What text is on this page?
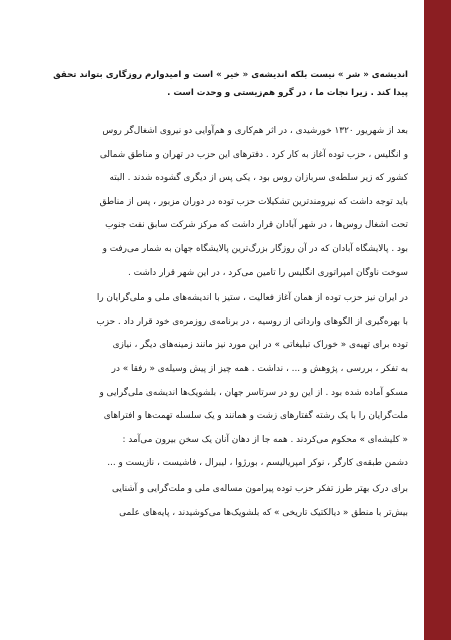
اندیشه‌ی « شر » نیست بلکه اندیشه‌ی « خیر » است و امیدوارم روزگاری بتواند تحقق
پیدا کند . زیرا نجات ما ، در گرو هم‌زیستی و وحدت است .
بعد از شهریور ۱۳۲۰ خورشیدی ، در اثر هم‌کاری و هم‌آوایی دو نیروی اشغال‌گر روس
و انگلیس ، حزب توده آغاز به کار کرد . دفترهای این حزب در تهران و مناطق شمالی
کشور که زیر سلطه‌ی سربازان روس بود ، یکی پس از دیگری گشوده شدند . البته
باید توجه داشت که نیرومندترین تشکیلات حزب توده در دوران مزبور ، پس از مناطق
تحت اشغال روس‌ها ، در شهر آبادان قرار داشت که مرکز شرکت سابق نفت جنوب
بود . پالایشگاه آبادان که در آن روزگار بزرگ‌ترین پالایشگاه جهان به شمار می‌رفت و
سوخت ناوگان امپراتوری انگلیس را تامین می‌کرد ، در این شهر قرار داشت .
در ایران نیز حزب توده از همان آغاز فعالیت ، ستیز با اندیشه‌های ملی و ملی‌گرایان را
با بهره‌گیری از الگوهای وارداتی از روسیه ، در برنامه‌ی روزمره‌ی خود قرار داد . حزب
توده برای تهیه‌ی « خوراک تبلیغاتی » در این مورد نیز مانند زمینه‌های دیگر ، نیازی
به تفکر ، بررسی ، پژوهش و ... ، نداشت . همه چیز از پیش وسیله‌ی « رفقا » در
مسکو آماده شده بود . از این رو در سرتاسر جهان ، بلشویک‌ها اندیشه‌ی ملی‌گرایی و
ملت‌گرایان را با یک رشته گفتارهای زشت و همانند و یک سلسله تهمت‌ها و افتراهای
« کلیشه‌ای » محکوم می‌کردند . همه جا از دهان آنان یک سخن بیرون می‌آمد :
دشمن طبقه‌ی کارگر ، نوکر امپریالیسم ، بورژوا ، لیبرال ، فاشیست ، نازیست و ...
برای درک بهتر طرز تفکر حزب توده پیرامون مساله‌ی ملی و ملت‌گرایی و آشنایی
بیش‌تر با منطق « دیالکتیک تاریخی » که بلشویک‌ها می‌کوشیدند ، پایه‌های علمی
